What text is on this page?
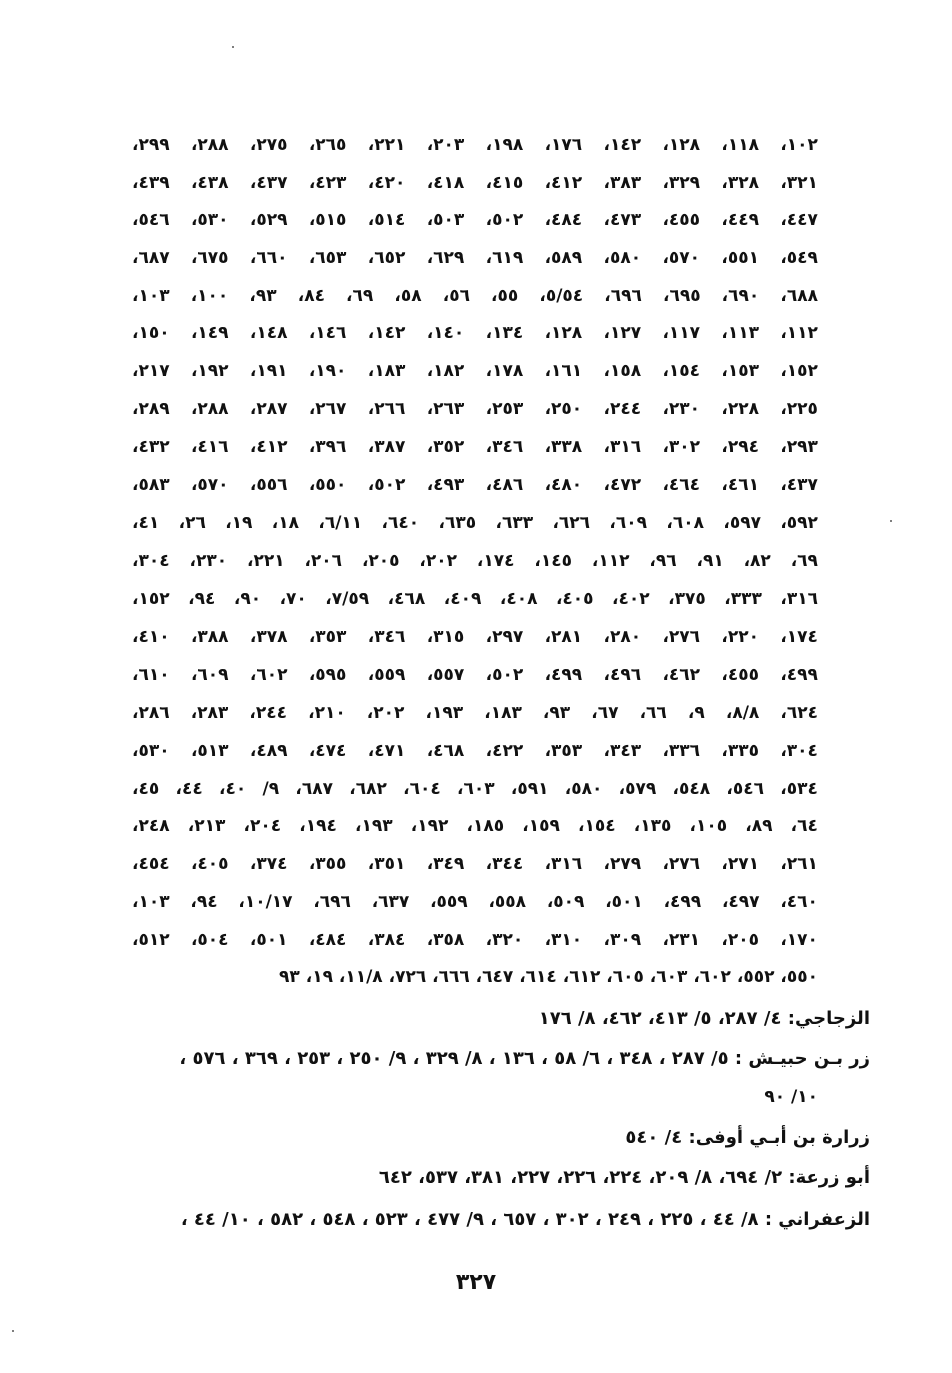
١٠٢، ١١٨، ١٢٨، ١٤٢، ١٧٦، ١٩٨، ٢٠٣، ٢٢١، ٢٦٥، ٢٧٥، ٢٨٨، ٢٩٩،
٣٢١، ٣٢٨، ٣٢٩، ٣٨٣، ٤١٢، ٤١٥، ٤١٨، ٤٢٠، ٤٢٣، ٤٣٧، ٤٣٨، ٤٣٩،
٤٤٧، ٤٤٩، ٤٥٥، ٤٧٣، ٤٨٤، ٥٠٢، ٥٠٣، ٥١٤، ٥١٥، ٥٢٩، ٥٣٠، ٥٤٦،
٥٤٩، ٥٥١، ٥٧٠، ٥٨٠، ٥٨٩، ٦١٩، ٦٢٩، ٦٥٢، ٦٥٣، ٦٦٠، ٦٧٥، ٦٨٧،
٦٨٨، ٦٩٠، ٦٩٥، ٦٩٦، ٥/٥٤، ٥٥، ٥٦، ٥٨، ٦٩، ٨٤، ٩٣، ١٠٠، ١٠٣،
١١٢، ١١٣، ١١٧، ١٢٧، ١٢٨، ١٣٤، ١٤٠، ١٤٢، ١٤٦، ١٤٨، ١٤٩، ١٥٠،
١٥٢، ١٥٣، ١٥٤، ١٥٨، ١٦١، ١٧٨، ١٨٢، ١٨٣، ١٩٠، ١٩١، ١٩٢، ٢١٧،
٢٢٥، ٢٢٨، ٢٣٠، ٢٤٤، ٢٥٠، ٢٥٣، ٢٦٣، ٢٦٦، ٢٦٧، ٢٨٧، ٢٨٨، ٢٨٩،
٢٩٣، ٢٩٤، ٣٠٢، ٣١٦، ٣٣٨، ٣٤٦، ٣٥٢، ٣٨٧، ٣٩٦، ٤١٢، ٤١٦، ٤٣٢،
٤٣٧، ٤٦١، ٤٦٤، ٤٧٢، ٤٨٠، ٤٨٦، ٤٩٣، ٥٠٢، ٥٥٠، ٥٥٦، ٥٧٠، ٥٨٣،
٥٩٢، ٥٩٧، ٦٠٨، ٦٠٩، ٦٢٦، ٦٣٣، ٦٣٥، ٦٤٠، ٦/١١، ١٨، ١٩، ٢٦، ٤١،
٦٩، ٨٢، ٩١، ٩٦، ١١٢، ١٤٥، ١٧٤، ٢٠٢، ٢٠٥، ٢٠٦، ٢٢١، ٢٣٠، ٣٠٤،
٣١٦، ٣٣٣، ٣٧٥، ٤٠٢، ٤٠٥، ٤٠٨، ٤٠٩، ٤٦٨، ٧/٥٩، ٧٠، ٩٠، ٩٤، ١٥٢،
١٧٤، ٢٢٠، ٢٧٦، ٢٨٠، ٢٨١، ٢٩٧، ٣١٥، ٣٤٦، ٣٥٣، ٣٧٨، ٣٨٨، ٤١٠،
٤٩٩، ٤٥٥، ٤٦٢، ٤٩٦، ٤٩٩، ٥٠٢، ٥٥٧، ٥٥٩، ٥٩٥، ٦٠٢، ٦٠٩، ٦١٠،
٦٢٤، ٨/٨، ٩، ٦٦، ٦٧، ٩٣، ١٨٣، ١٩٣، ٢٠٢، ٢١٠، ٢٤٤، ٢٨٣، ٢٨٦،
٣٠٤، ٣٣٥، ٣٣٦، ٣٤٣، ٣٥٣، ٤٢٢، ٤٦٨، ٤٧١، ٤٧٤، ٤٨٩، ٥١٣، ٥٣٠،
٥٣٤، ٥٤٦، ٥٤٨، ٥٧٩، ٥٨٠، ٥٩١، ٦٠٣، ٦٠٤، ٦٨٢، ٦٨٧، ٩/ ٤٠، ٤٤، ٤٥،
٦٤، ٨٩، ١٠٥، ١٣٥، ١٥٤، ١٥٩، ١٨٥، ١٩٢، ١٩٣، ١٩٤، ٢٠٤، ٢١٣، ٢٤٨،
٢٦١، ٢٧١، ٢٧٦، ٢٧٩، ٣١٦، ٣٤٤، ٣٤٩، ٣٥١، ٣٥٥، ٣٧٤، ٤٠٥، ٤٥٤،
٤٦٠، ٤٩٧، ٤٩٩، ٥٠١، ٥٠٩، ٥٥٨، ٥٥٩، ٦٣٧، ٦٩٦، ١٠/١٧، ٩٤، ١٠٣،
١٧٠، ٢٠٥، ٢٣١، ٣٠٩، ٣١٠، ٣٢٠، ٣٥٨، ٣٨٤، ٤٨٤، ٥٠١، ٥٠٤، ٥١٢،
٥٥٠، ٥٥٢، ٦٠٢، ٦٠٣، ٦٠٥، ٦١٢، ٦١٤، ٦٤٧، ٦٦٦، ٧٢٦، ١١/٨، ١٩، ٩٣
الزجاجي: ٤/ ٢٨٧، ٥/ ٤١٣، ٤٦٢، ٨/ ١٧٦
زر بـن حبيـش : ٥/ ٢٨٧ ، ٣٤٨ ، ٦/ ٥٨ ، ١٣٦ ، ٨/ ٣٢٩ ، ٩/ ٢٥٠ ، ٢٥٣ ، ٣٦٩ ، ٥٧٦ ،
١٠/ ٩٠
زرارة بن أبـي أوفى: ٤/ ٥٤٠
أبو زرعة: ٢/ ٦٩٤، ٨/ ٢٠٩، ٢٢٤، ٢٢٦، ٢٢٧، ٣٨١، ٥٣٧، ٦٤٢
الزعفراني : ٨/ ٤٤ ، ٢٢٥ ، ٢٤٩ ، ٣٠٢ ، ٦٥٧ ، ٩/ ٤٧٧ ، ٥٢٣ ، ٥٤٨ ، ٥٨٢ ، ١٠/ ٤٤ ،
٣٢٧
